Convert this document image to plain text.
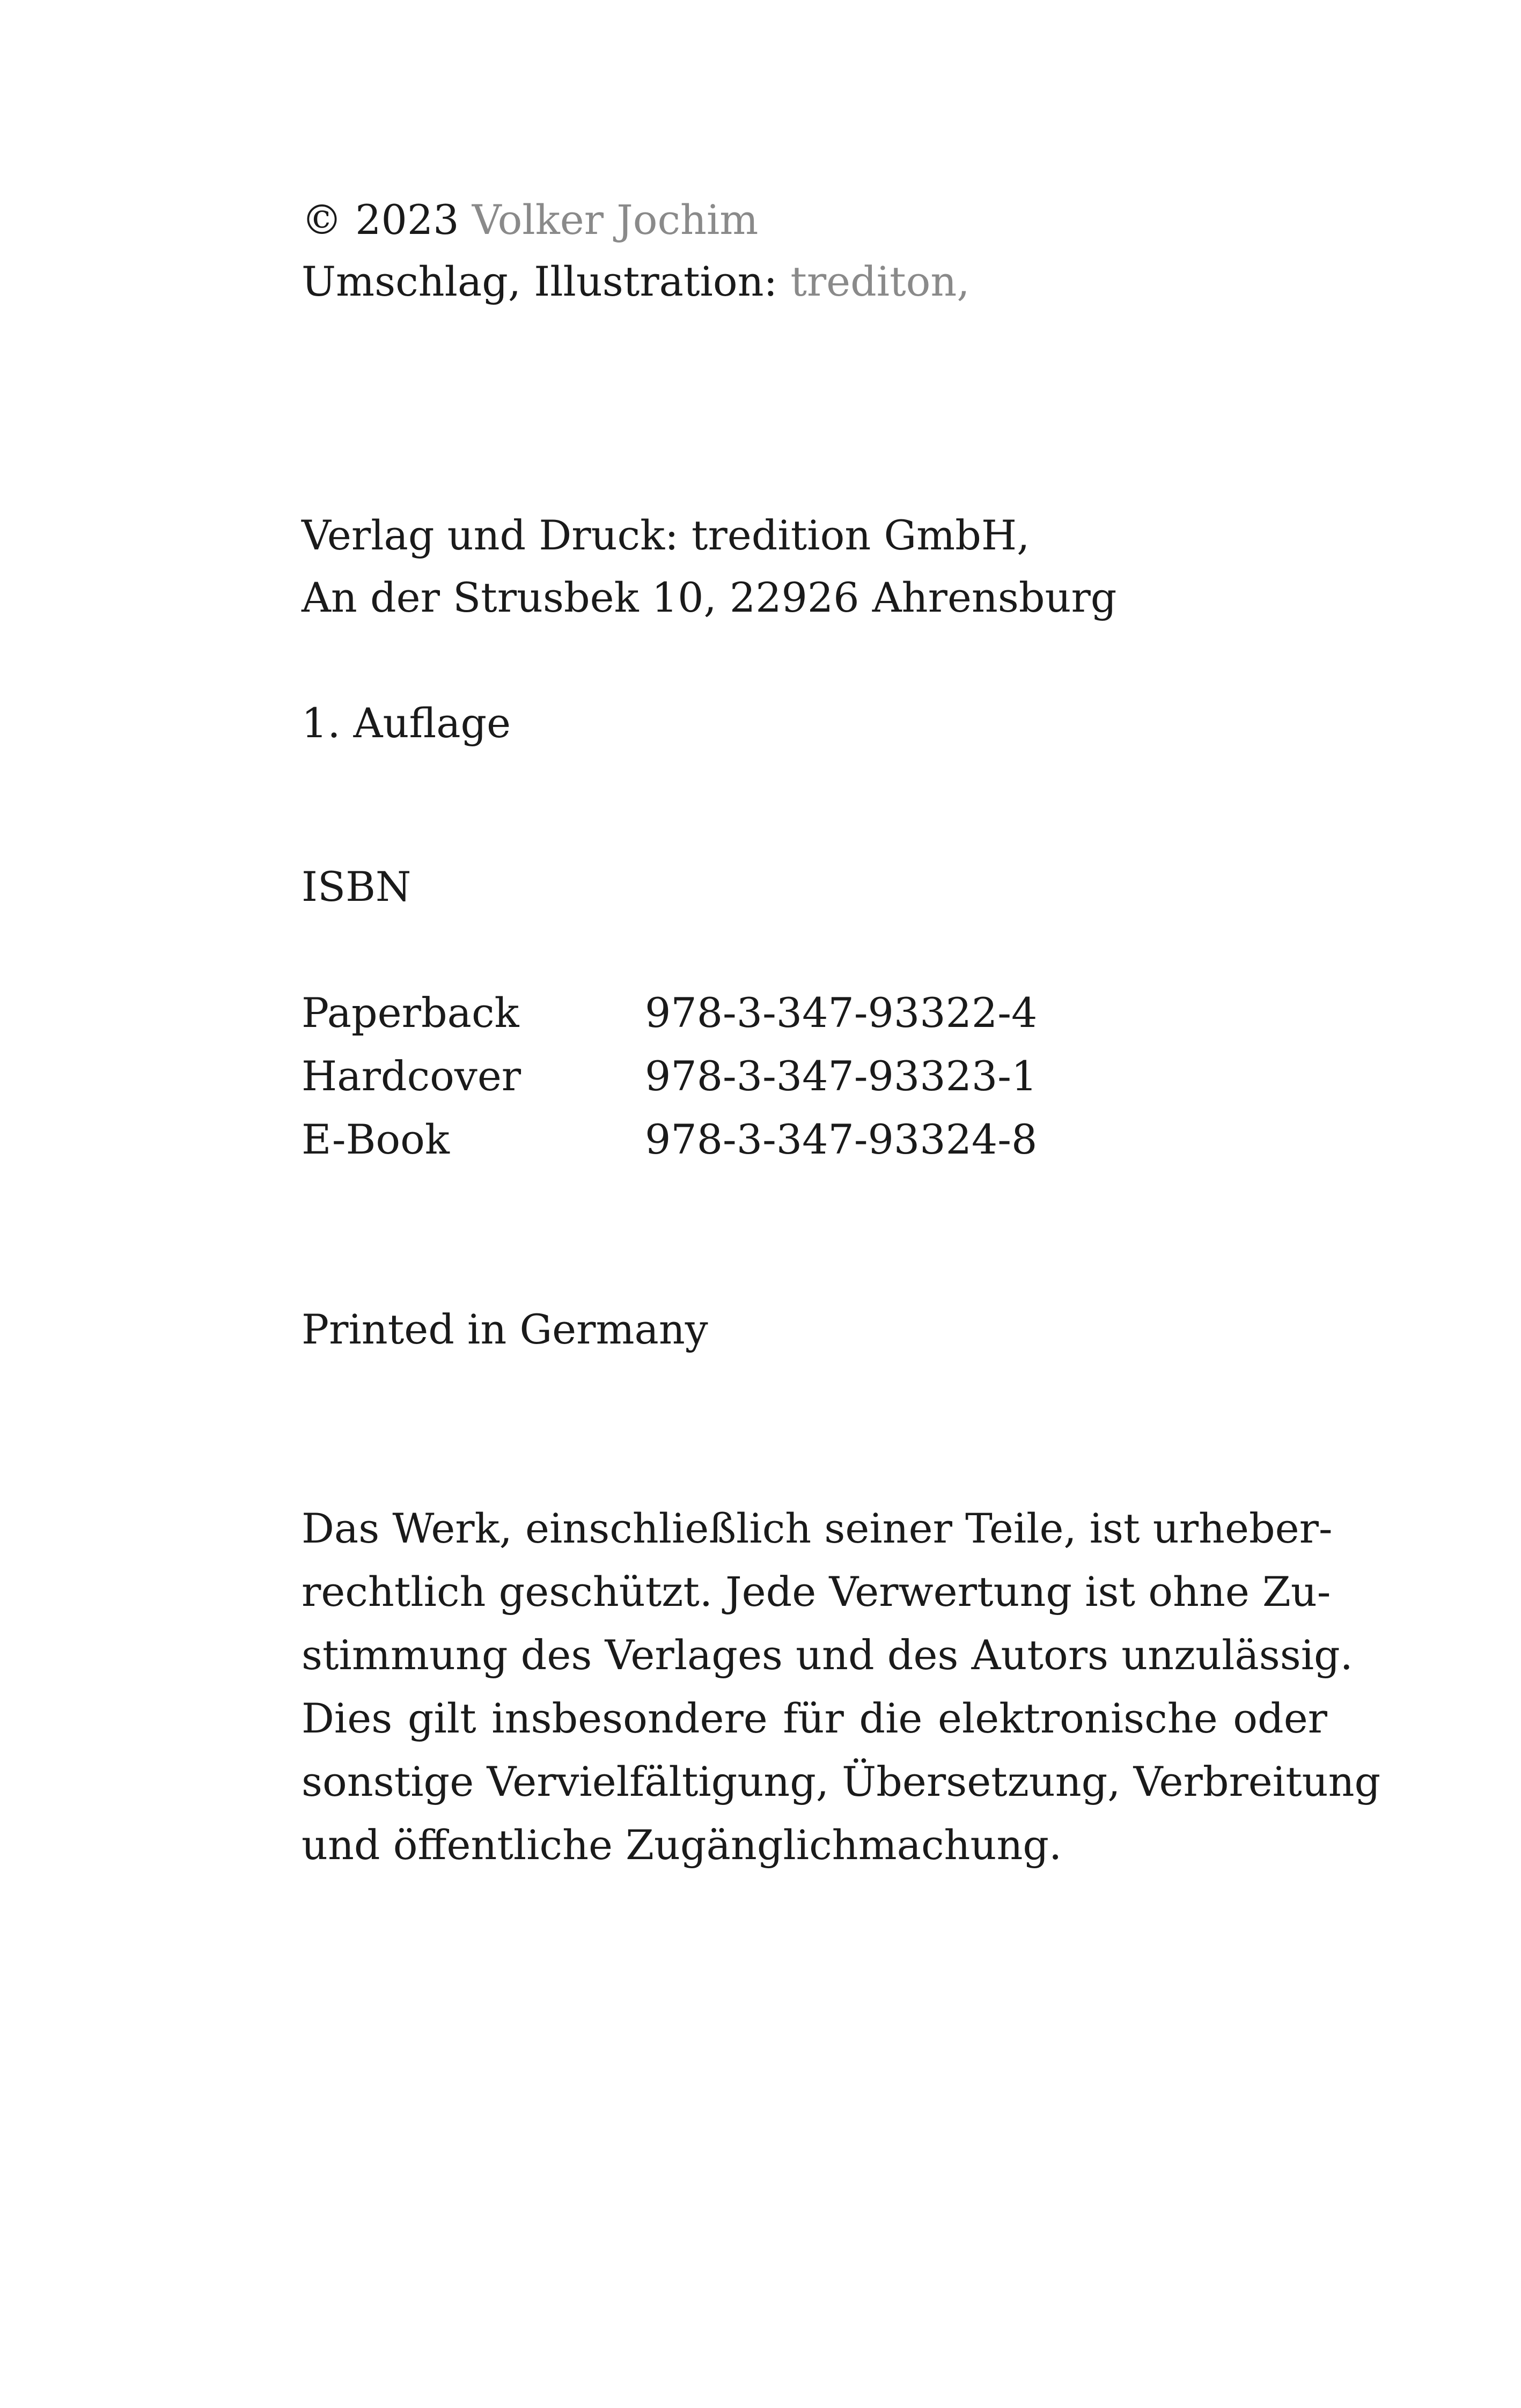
© 2023 Volker Jochim
Umschlag, Illustration: trediton,
Verlag und Druck: tredition GmbH,
An der Strusbek 10, 22926 Ahrensburg
1. Auflage
ISBN
Paperback	978-3-347-93322-4
Hardcover	978-3-347-93323-1
E-Book	978-3-347-93324-8
Printed in Germany
Das Werk, einschließlich seiner Teile, ist urheber-
rechtlich geschützt. Jede Verwertung ist ohne Zu-
stimmung des Verlages und des Autors unzulässig.
Dies gilt insbesondere für die elektronische oder
sonstige Vervielfältigung, Übersetzung, Verbreitung
und öffentliche Zugänglichmachung.
